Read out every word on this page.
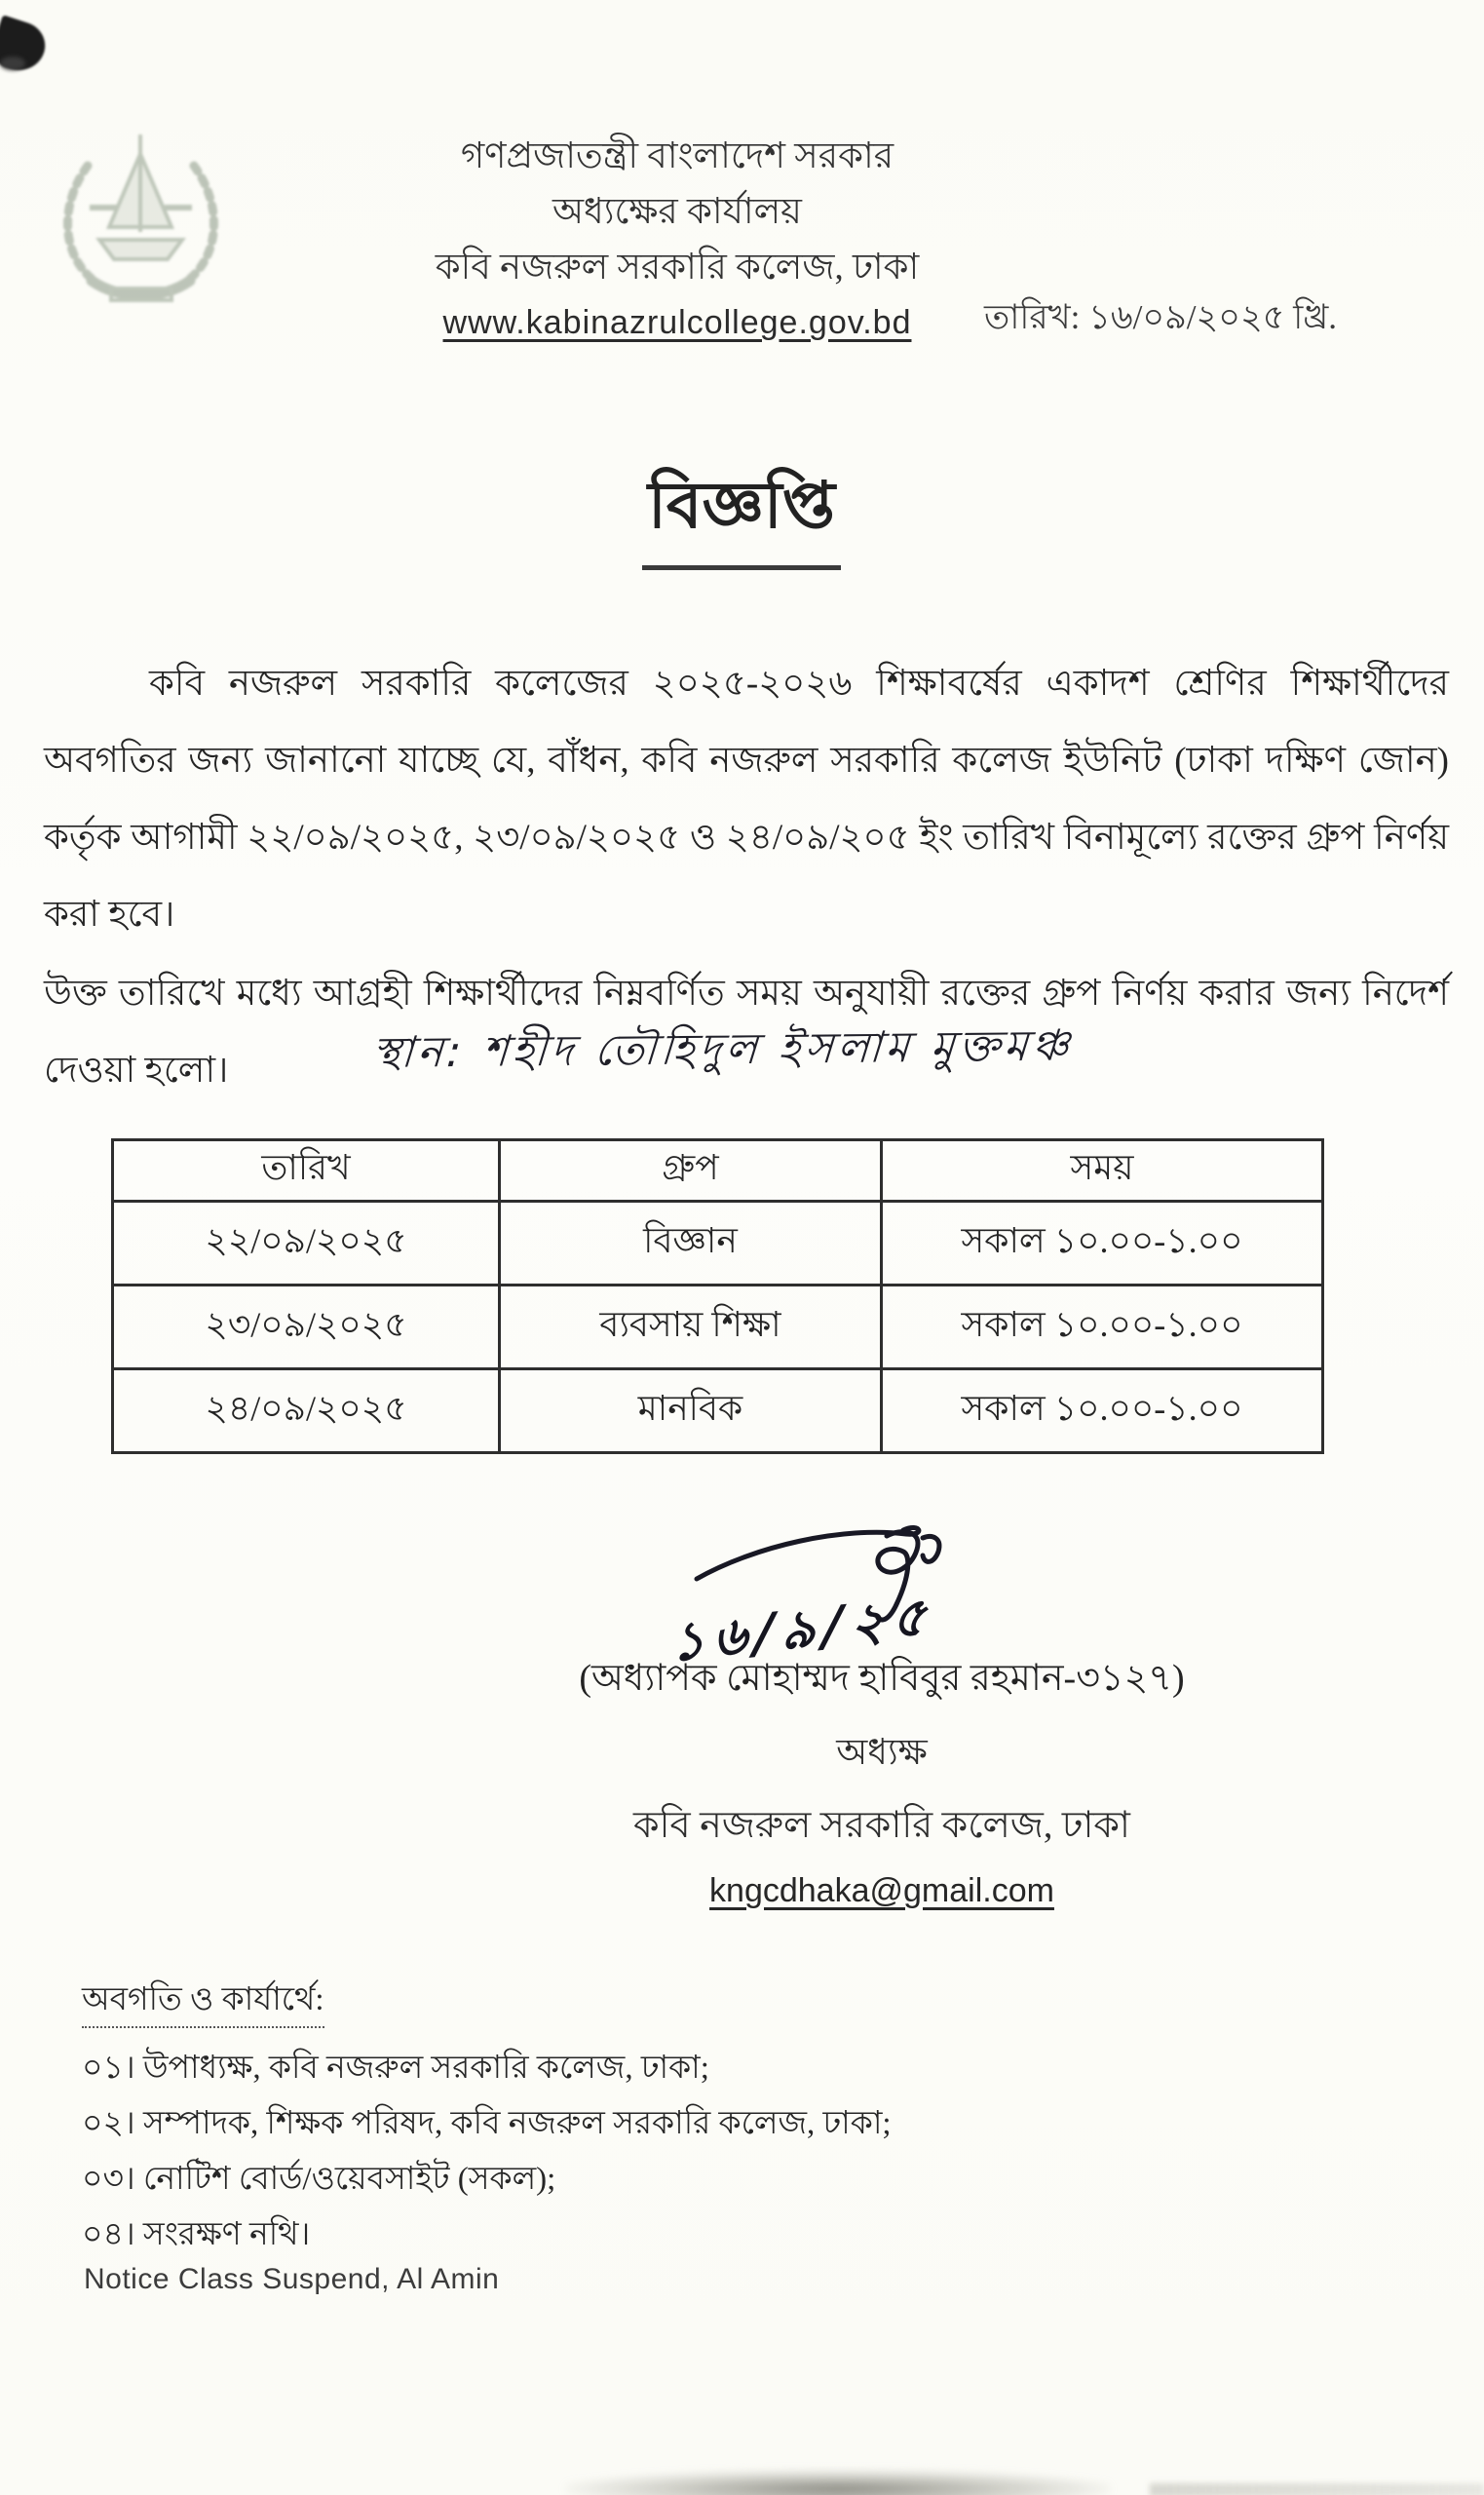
গণপ্রজাতন্ত্রী বাংলাদেশ সরকার
অধ্যক্ষের কার্যালয়
কবি নজরুল সরকারি কলেজ, ঢাকা
www.kabinazrulcollege.gov.bd	তারিখ: ১৬/০৯/২০২৫ খ্রি.
বিজ্ঞপ্তি

কবি নজরুল সরকারি কলেজের ২০২৫-২০২৬ শিক্ষাবর্ষের একাদশ শ্রেণির শিক্ষার্থীদের অবগতির জন্য জানানো যাচ্ছে যে, বাঁধন, কবি নজরুল সরকারি কলেজ ইউনিট (ঢাকা দক্ষিণ জোন) কর্তৃক আগামী ২২/০৯/২০২৫, ২৩/০৯/২০২৫ ও ২৪/০৯/২০৫ ইং তারিখ বিনামূল্যে রক্তের গ্রুপ নির্ণয় করা হবে।

উক্ত তারিখে মধ্যে আগ্রহী শিক্ষার্থীদের নিম্নবর্ণিত সময় অনুযায়ী রক্তের গ্রুপ নির্ণয় করার জন্য নিদের্শ দেওয়া হলো।	স্থান: শহীদ তৌহিদুল ইসলাম মুক্তমঞ্চ
তারিখ	গ্রুপ	সময়
২২/০৯/২০২৫	বিজ্ঞান	সকাল ১০.০০-১.০০
২৩/০৯/২০২৫	ব্যবসায় শিক্ষা	সকাল ১০.০০-১.০০
২৪/০৯/২০২৫	মানবিক	সকাল ১০.০০-১.০০
১৬/৯/২৫
(অধ্যাপক মোহাম্মদ হাবিবুর রহমান-৩১২৭)
অধ্যক্ষ
কবি নজরুল সরকারি কলেজ, ঢাকা
kngcdhaka@gmail.com
অবগতি ও কার্যার্থে:
০১। উপাধ্যক্ষ, কবি নজরুল সরকারি কলেজ, ঢাকা;
০২। সম্পাদক, শিক্ষক পরিষদ, কবি নজরুল সরকারি কলেজ, ঢাকা;
০৩। নোটিশ বোর্ড/ওয়েবসাইট (সকল);
০৪। সংরক্ষণ নথি।
Notice Class Suspend, Al Amin
